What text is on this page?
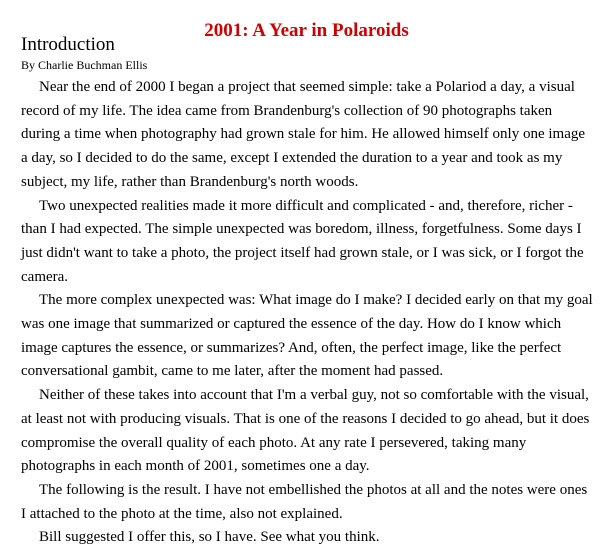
2001: A Year in Polaroids
Introduction
By Charlie Buchman Ellis

Near the end of 2000 I began a project that seemed simple: take a Polariod a day, a visual record of my life. The idea came from Brandenburg's collection of 90 photographs taken during a time when photography had grown stale for him. He allowed himself only one image a day, so I decided to do the same, except I extended the duration to a year and took as my subject, my life, rather than Brandenburg's north woods.

Two unexpected realities made it more difficult and complicated - and, therefore, richer - than I had expected. The simple unexpected was boredom, illness, forgetfulness. Some days I just didn't want to take a photo, the project itself had grown stale, or I was sick, or I forgot the camera.

The more complex unexpected was: What image do I make? I decided early on that my goal was one image that summarized or captured the essence of the day. How do I know which image captures the essence, or summarizes? And, often, the perfect image, like the perfect conversational gambit, came to me later, after the moment had passed.

Neither of these takes into account that I'm a verbal guy, not so comfortable with the visual, at least not with producing visuals. That is one of the reasons I decided to go ahead, but it does compromise the overall quality of each photo. At any rate I persevered, taking many photographs in each month of 2001, sometimes one a day.

The following is the result. I have not embellished the photos at all and the notes were ones I attached to the photo at the time, also not explained.

Bill suggested I offer this, so I have. See what you think.
